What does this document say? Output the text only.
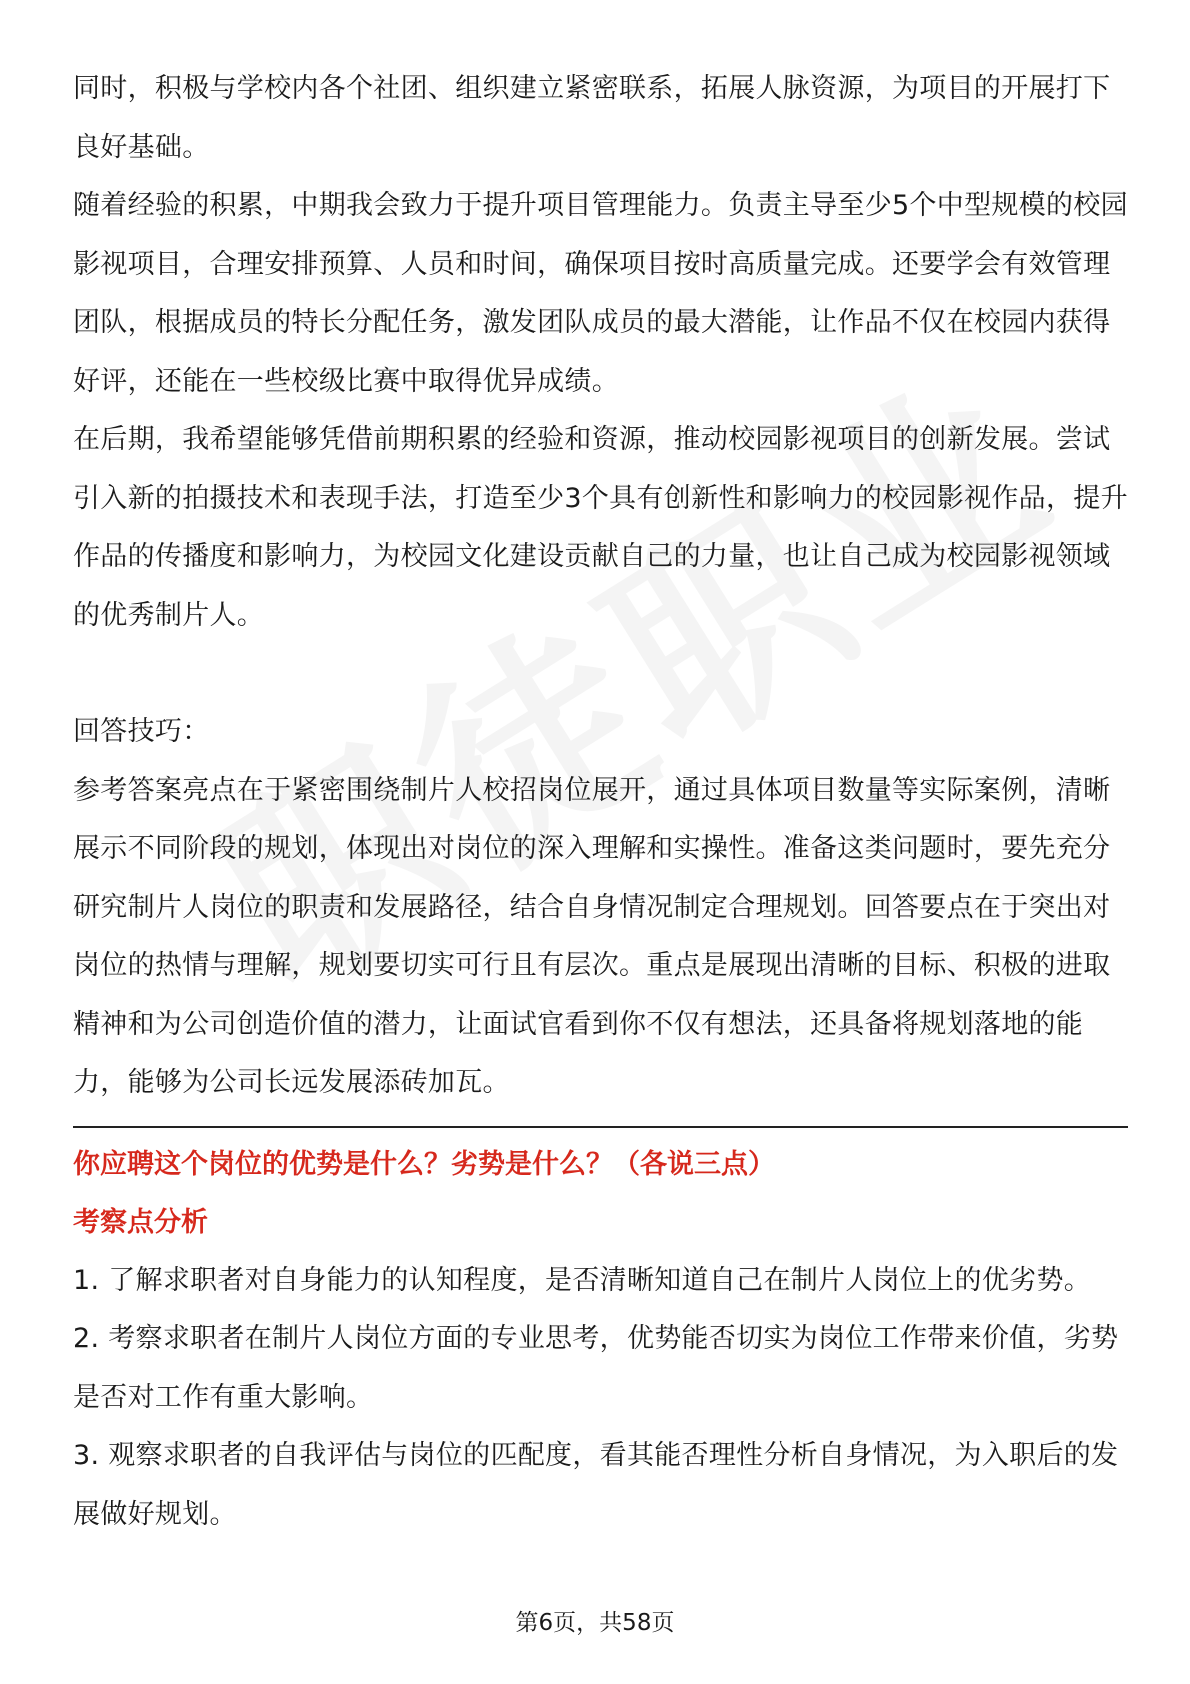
同时，积极与学校内各个社团、组织建立紧密联系，拓展人脉资源，为项目的开展打下良好基础。

随着经验的积累，中期我会致力于提升项目管理能力。负责主导至少5个中型规模的校园影视项目，合理安排预算、人员和时间，确保项目按时高质量完成。还要学会有效管理团队，根据成员的特长分配任务，激发团队成员的最大潜能，让作品不仅在校园内获得好评，还能在一些校级比赛中取得优异成绩。

在后期，我希望能够凭借前期积累的经验和资源，推动校园影视项目的创新发展。尝试引入新的拍摄技术和表现手法，打造至少3个具有创新性和影响力的校园影视作品，提升作品的传播度和影响力，为校园文化建设贡献自己的力量，也让自己成为校园影视领域的优秀制片人。

回答技巧：

参考答案亮点在于紧密围绕制片人校招岗位展开，通过具体项目数量等实际案例，清晰展示不同阶段的规划，体现出对岗位的深入理解和实操性。准备这类问题时，要先充分研究制片人岗位的职责和发展路径，结合自身情况制定合理规划。回答要点在于突出对岗位的热情与理解，规划要切实可行且有层次。重点是展现出清晰的目标、积极的进取精神和为公司创造价值的潜力，让面试官看到你不仅有想法，还具备将规划落地的能力，能够为公司长远发展添砖加瓦。

你应聘这个岗位的优势是什么？劣势是什么？（各说三点）

考察点分析

1. 了解求职者对自身能力的认知程度，是否清晰知道自己在制片人岗位上的优劣势。

2. 考察求职者在制片人岗位方面的专业思考，优势能否切实为岗位工作带来价值，劣势是否对工作有重大影响。

3. 观察求职者的自我评估与岗位的匹配度，看其能否理性分析自身情况，为入职后的发展做好规划。

第6页，共58页
